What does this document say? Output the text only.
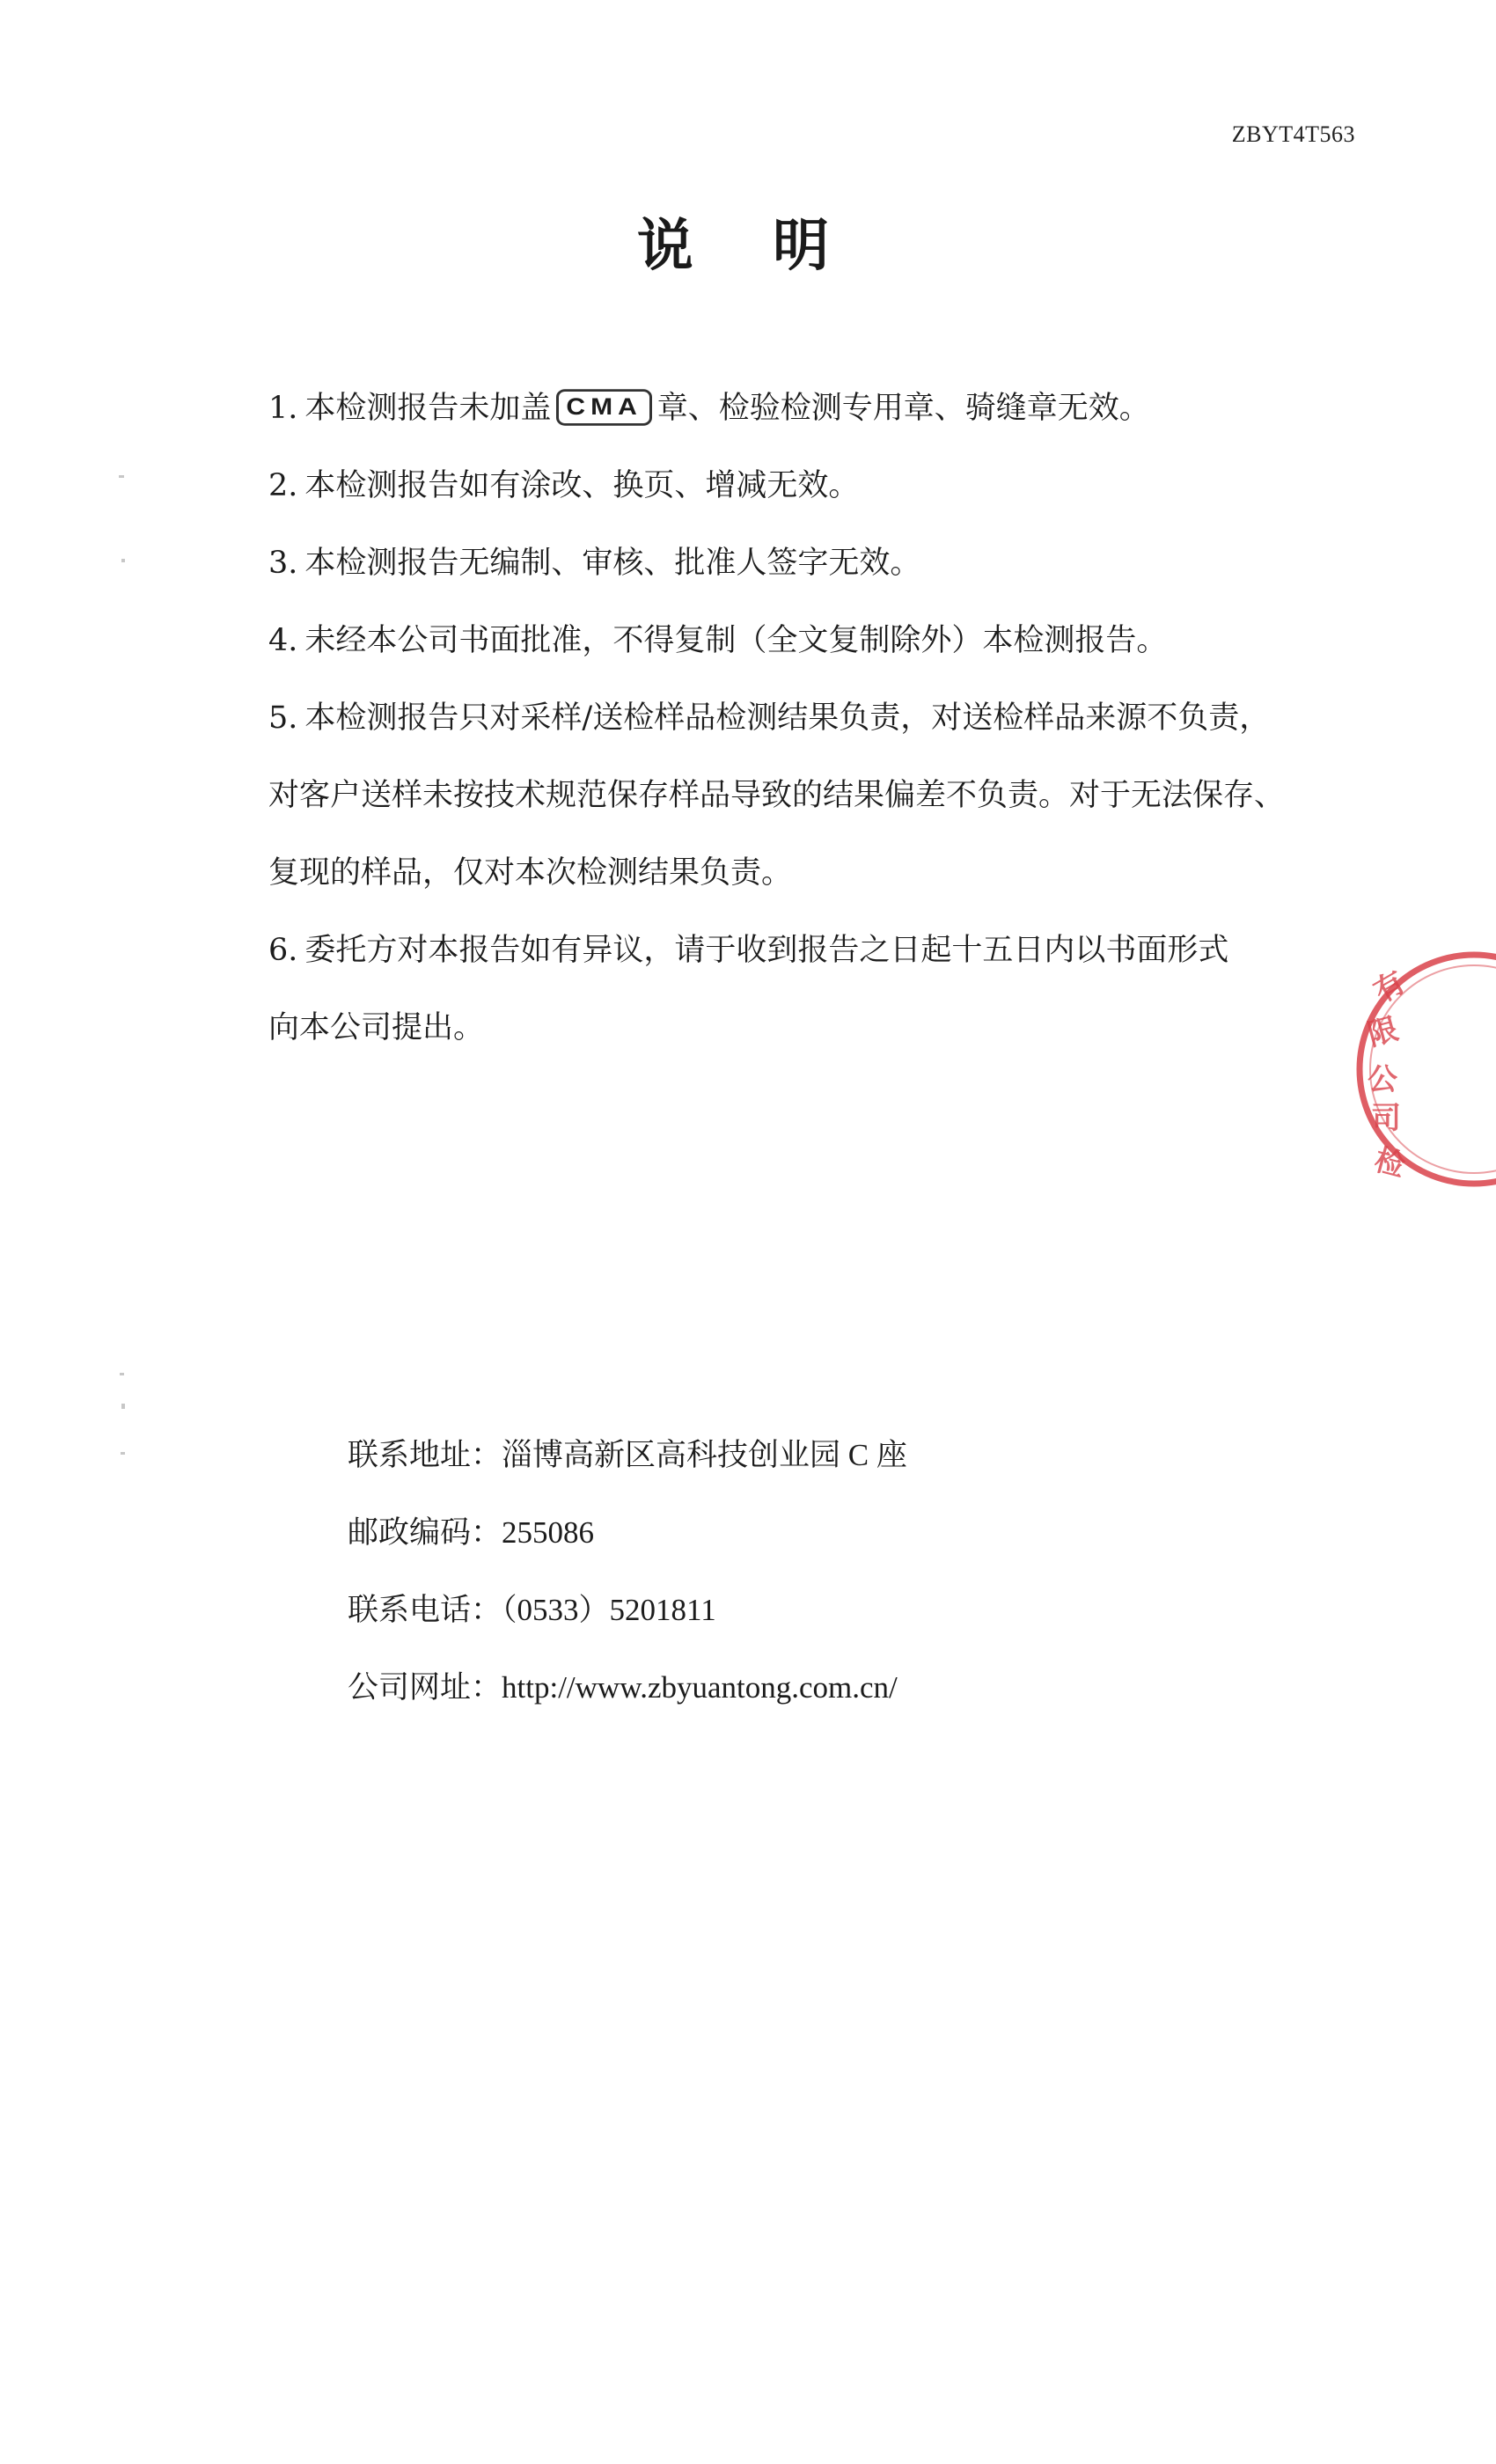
ZBYT4T563
说 明
1. 本检测报告未加盖 CMA 章、检验检测专用章、骑缝章无效。
2. 本检测报告如有涂改、换页、增减无效。
3. 本检测报告无编制、审核、批准人签字无效。
4. 未经本公司书面批准，不得复制（全文复制除外）本检测报告。
5. 本检测报告只对采样/送检样品检测结果负责，对送检样品来源不负责，
对客户送样未按技术规范保存样品导致的结果偏差不负责。对于无法保存、
复现的样品，仅对本次检测结果负责。
6. 委托方对本报告如有异议，请于收到报告之日起十五日内以书面形式
向本公司提出。
联系地址：淄博高新区高科技创业园 C 座
邮政编码：255086
联系电话：（0533）5201811
公司网址：http://www.zbyuantong.com.cn/
有
限
公
司
检
